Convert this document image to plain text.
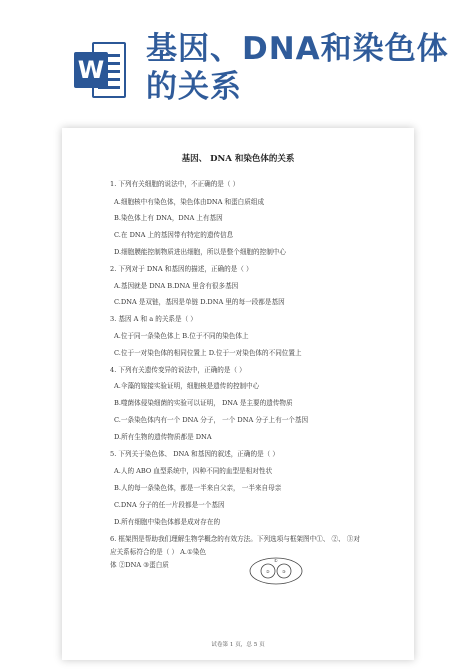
W
基因、DNA和染色体的关系
基因、 DNA 和染色体的关系
1. 下列有关细胞的说法中，不正确的是（ ）
A.细胞核中有染色体，染色体由DNA 和蛋白质组成
B.染色体上有 DNA，DNA 上有基因
C.在 DNA 上的基因带有特定的遗传信息
D.细胞膜能控制物质进出细胞，所以是整个细胞的控制中心
2. 下列对于 DNA 和基因的描述，正确的是（ ）
A.基因就是 DNA B.DNA 里含有很多基因
C.DNA 是双链，基因是单链 D.DNA 里的每一段都是基因
3. 基因 A 和 a 的关系是（ ）
A.位于同一条染色体上 B.位于不同的染色体上
C.位于一对染色体的相同位置上 D.位于一对染色体的不同位置上
4. 下列有关遗传变异的说法中，正确的是（ ）
A.伞藻的嫁接实验证明，细胞核是遗传的控制中心
B.噬菌体侵染细菌的实验可以证明， DNA 是主要的遗传物质
C.一条染色体内有一个 DNA 分子， 一个 DNA 分子上有一个基因
D.所有生物的遗传物质都是 DNA
5. 下列关于染色体、 DNA 和基因的叙述，正确的是（ ）
A.人的 ABO 血型系统中，四种不同的血型是相对性状
B.人的每一条染色体，都是一半来自父亲， 一半来自母亲
C.DNA 分子的任一片段都是一个基因
D.所有细胞中染色体都是成对存在的
6. 框架图是帮助我们理解生物学概念的有效方法。下列选项与框架图中①、 ②、 ③对
应关系标符合的是（ ） A.①染色
体 ②DNA ③蛋白质
①
②	③
试卷第 1 页，总 5 页
